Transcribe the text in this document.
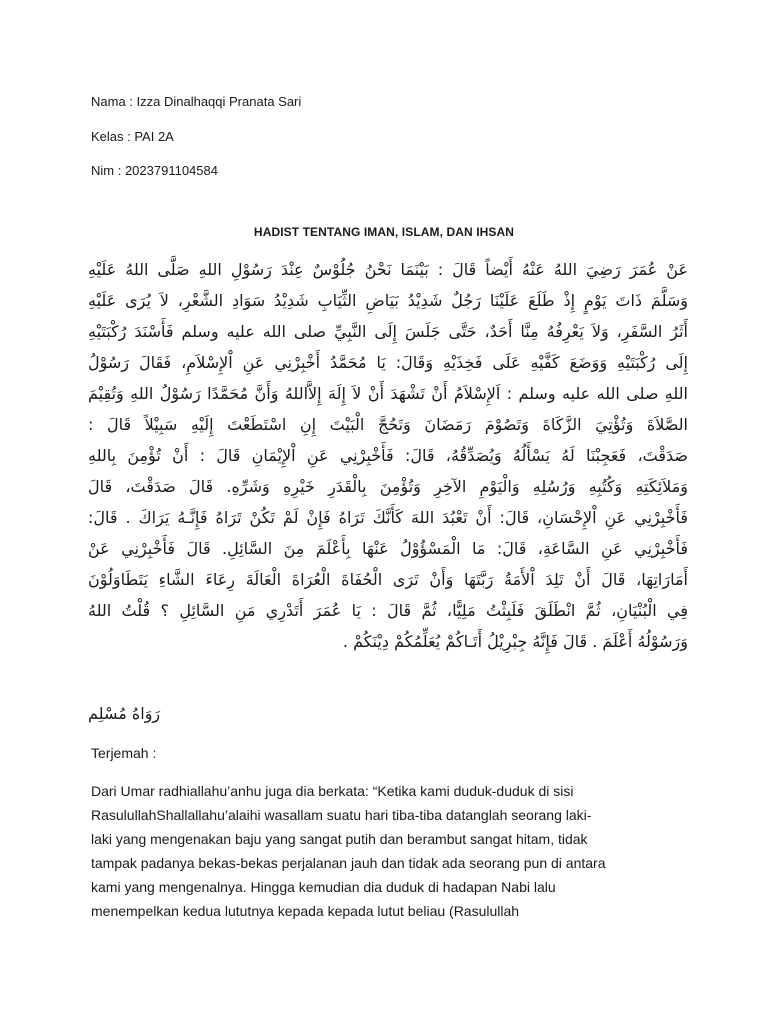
Nama : Izza Dinalhaqqi Pranata Sari
Kelas : PAI 2A
Nim : 2023791104584
HADIST TENTANG IMAN, ISLAM, DAN IHSAN
عَنْ عُمَرَ رَضِيَ اللهُ عَنْهُ أَيْضاً قَالَ : بَيْنَمَا نَحْنُ جُلُوْسٌ عِنْدَ رَسُوْلِ اللهِ صَلَّى اللهُ عَلَيْهِ
وَسَلَّمَ ذَاتَ يَوْمٍ إِذْ طَلَعَ عَلَيْنَا رَجُلٌ شَدِيْدُ بَيَاضِ الثِّيَابِ شَدِيْدُ سَوَادِ الشَّعْرِ، لاَ يُرَى عَلَيْهِ
أَثَرُ السَّفَرِ، وَلاَ يَعْرِفُهُ مِنَّا أَحَدٌ، حَتَّى جَلَسَ إِلَى النَّبِيِّ صلى الله عليه وسلم فَأَسْنَدَ رُكْبَتَيْهِ
إِلَى رُكْبَتَيْهِ وَوَضَعَ كَفَّيْهِ عَلَى فَخِذَيْهِ وَقَالَ: يَا مُحَمَّدُ أَخْبِرْنِي عَنِ اْلإِسْلاَمِ، فَقَالَ رَسُوْلُ
اللهِ صلى الله عليه وسلم : اَلإِسْلاَمُ أَنْ تَشْهَدَ أَنْ لاَ إِلَهَ إِلاَّاللهُ وَأَنَّ مُحَمَّدًا رَسُوْلُ اللهِ وَتُقِيْمَ
الصَّلاَةَ وَتُؤْتِيَ الزَّكَاةَ وَتَصُوْمَ رَمَضَانَ وَتَحُجَّ الْبَيْتَ إِنِ اسْتَطَعْتَ إِلَيْهِ سَبِيْلاً قَالَ :
صَدَقْتَ، فَعَجِبْنَا لَهُ يَسْأَلُهُ وَيُصَدِّقُهُ، قَالَ: فَأَخْبِرْنِي عَنِ اْلإِيْمَانِ قَالَ : أَنْ تُؤْمِنَ بِاللهِ
وَمَلاَئِكَتِهِ وَكُتُبِهِ وَرُسُلِهِ وَالْيَوْمِ الآخِرِ وَتُؤْمِنَ بِالْقَدَرِ خَيْرِهِ وَشَرِّهِ. قَالَ صَدَقْتَ، قَالَ
فَأَخْبِرْنِي عَنِ اْلإِحْسَانِ، قَالَ: أَنْ تَعْبُدَ اللهَ كَأَنَّكَ تَرَاهُ فَإِنْ لَمْ تَكُنْ تَرَاهُ فَإِنَّـهُ يَرَاكَ . قَالَ:
فَأَخْبِرْنِي عَنِ السَّاعَةِ، قَالَ: مَا الْمَسْؤُوْلُ عَنْهَا بِأَعْلَمَ مِنَ السَّائِلِ. قَالَ فَأَخْبِرْنِي عَنْ
أَمَارَاتِهَا، قَالَ أَنْ تَلِدَ اْلأَمَةُ رَبَّتَهَا وَأَنْ تَرَى الْحُفَاةَ الْعُرَاةَ الْعَالَةَ رِعَاءَ الشَّاءِ يَتَطَاوَلُوْنَ
فِي الْبُنْيَانِ، ثُمَّ انْطَلَقَ فَلَبِثْتُ مَلِيًّا، ثُمَّ قَالَ : يَا عُمَرَ أَتَدْرِي مَنِ السَّائِلِ ؟ قُلْتُ اللهُ
وَرَسُوْلُهُ أَعْلَمَ . قَالَ فَإِنَّهُ جِبْرِيْلُ أَتَـاكُمْ يُعَلِّمُكُمْ دِيْنَكُمْ .
رَوَاهُ مُسْلِم
Terjemah :
Dari Umar radhiallahu’anhu juga dia berkata: “Ketika kami duduk-duduk di sisi
RasulullahShallallahu’alaihi wasallam suatu hari tiba-tiba datanglah seorang laki-
laki yang mengenakan baju yang sangat putih dan berambut sangat hitam, tidak
tampak padanya bekas-bekas perjalanan jauh dan tidak ada seorang pun di antara
kami yang mengenalnya. Hingga kemudian dia duduk di hadapan Nabi lalu
menempelkan kedua lututnya kepada kepada lutut beliau (Rasulullah
